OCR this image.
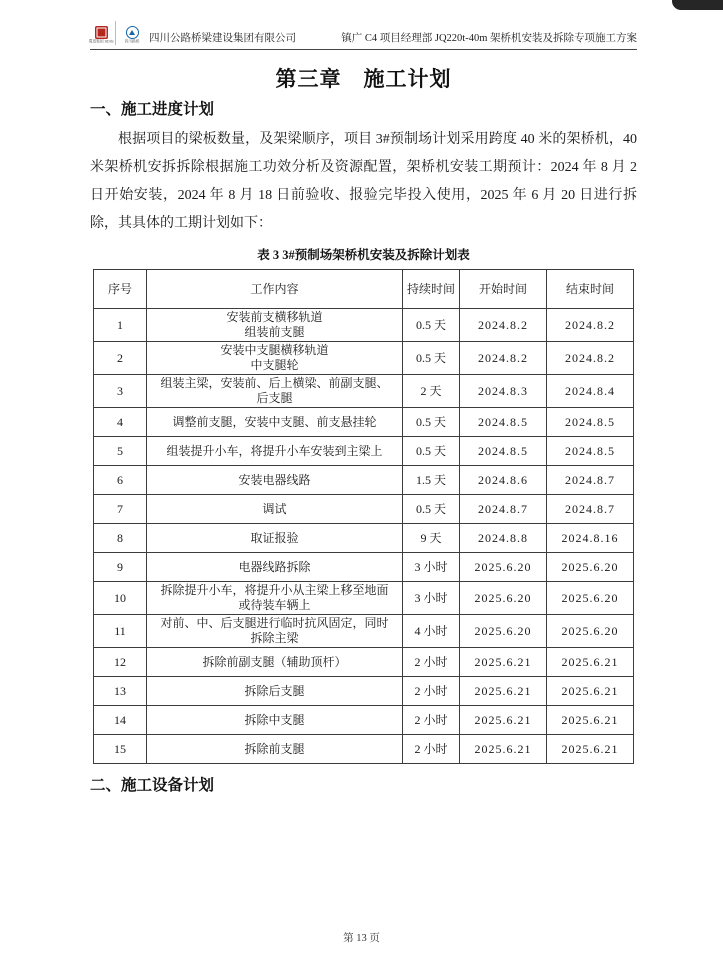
蜀道集团 SDIG 四川路桥 四川公路桥梁建设集团有限公司	镇广 C4 项目经理部 JQ220t-40m 架桥机安装及拆除专项施工方案
第三章　施工计划
一、施工进度计划

根据项目的梁板数量，及架梁顺序，项目 3#预制场计划采用跨度 40 米的架桥机，40 米架桥机安拆拆除根据施工功效分析及资源配置，架桥机安装工期预计：2024 年 8 月 2 日开始安装，2024 年 8 月 18 日前验收、报验完毕投入使用，2025 年 6 月 20 日进行拆除，其具体的工期计划如下：

表 3 3#预制场架桥机安装及拆除计划表
序号	工作内容	持续时间	开始时间	结束时间
1	安装前支横移轨道
组装前支腿	0.5 天	2024.8.2	2024.8.2
2	安装中支腿横移轨道
中支腿轮	0.5 天	2024.8.2	2024.8.2
3	组装主梁，安装前、后上横梁、前副支腿、
后支腿	2 天	2024.8.3	2024.8.4
4	调整前支腿，安装中支腿、前支悬挂轮	0.5 天	2024.8.5	2024.8.5
5	组装提升小车，将提升小车安装到主梁上	0.5 天	2024.8.5	2024.8.5
6	安装电器线路	1.5 天	2024.8.6	2024.8.7
7	调试	0.5 天	2024.8.7	2024.8.7
8	取证报验	9 天	2024.8.8	2024.8.16
9	电器线路拆除	3 小时	2025.6.20	2025.6.20
10	拆除提升小车，将提升小从主梁上移至地面
或待装车辆上	3 小时	2025.6.20	2025.6.20
11	对前、中、后支腿进行临时抗风固定，同时
拆除主梁	4 小时	2025.6.20	2025.6.20
12	拆除前副支腿（辅助顶杆）	2 小时	2025.6.21	2025.6.21
13	拆除后支腿	2 小时	2025.6.21	2025.6.21
14	拆除中支腿	2 小时	2025.6.21	2025.6.21
15	拆除前支腿	2 小时	2025.6.21	2025.6.21
二、施工设备计划
第 13 页
